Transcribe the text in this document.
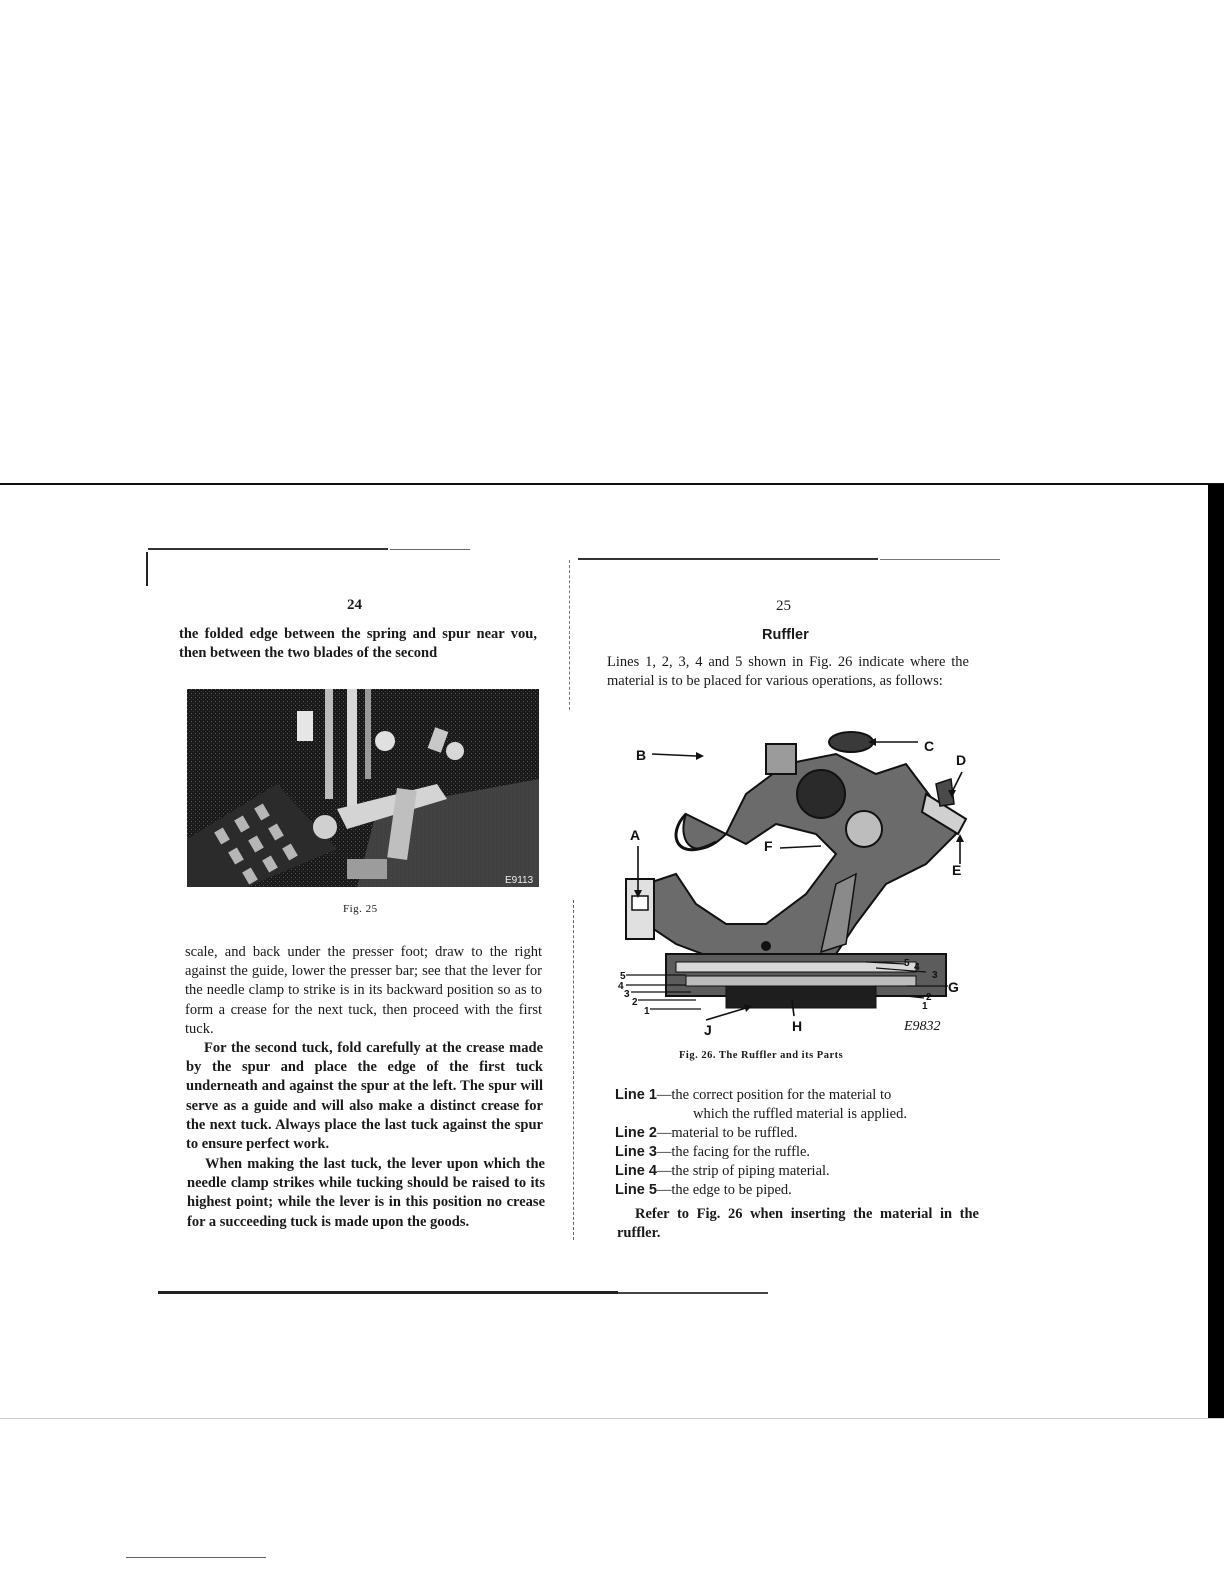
24

the folded edge between the spring and spur near vou, then between the two blades of the second

E9113
Fig. 25

scale, and back under the presser foot; draw to the right against the guide, lower the presser bar; see that the lever for the needle clamp to strike is in its backward position so as to form a crease for the next tuck, then proceed with the first tuck.

For the second tuck, fold carefully at the crease made by the spur and place the edge of the first tuck underneath and against the spur at the left. The spur will serve as a guide and will also make a distinct crease for the next tuck. Always place the last tuck against the spur to ensure perfect work.

When making the last tuck, the lever upon which the needle clamp strikes while tucking should be raised to its highest point; while the lever is in this position no crease for a succeeding tuck is made upon the goods.

25
Ruffler

Lines 1, 2, 3, 4 and 5 shown in Fig. 26 indicate where the material is to be placed for various operations, as follows:

B
C
D
E
F
A
G
H
J
5
4
3
2
1
5 4
3
2
1
E9832
Fig. 26. The Ruffler and its Parts
Line 1—the correct position for the material to
which the ruffled material is applied.
Line 2—material to be ruffled.
Line 3—the facing for the ruffle.
Line 4—the strip of piping material.
Line 5—the edge to be piped.

Refer to Fig. 26 when inserting the material in the ruffler.
